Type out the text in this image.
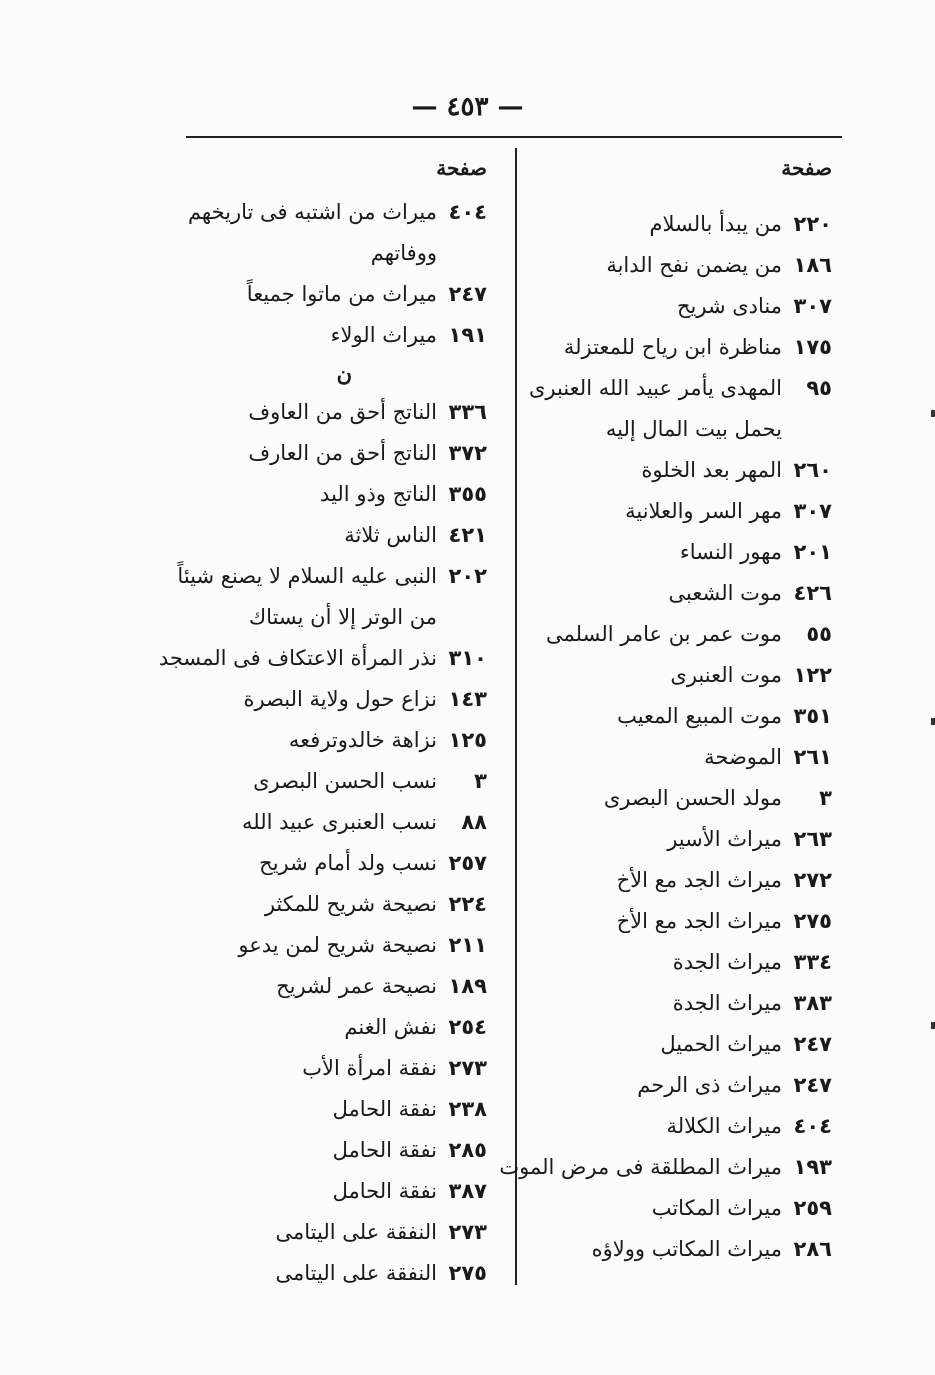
— ٤٥٣ —
صفحة
٢٢٠
من يبدأ بالسلام
١٨٦
من يضمن نفح الدابة
٣٠٧
منادى شريح
١٧٥
مناظرة ابن رياح للمعتزلة
٩٥
المهدى يأمر عبيد الله العنبرى
يحمل بيت المال إليه
٢٦٠
المهر بعد الخلوة
٣٠٧
مهر السر والعلانية
٢٠١
مهور النساء
٤٢٦
موت الشعبى
٥٥
موت عمر بن عامر السلمى
١٢٢
موت العنبرى
٣٥١
موت المبيع المعيب
٢٦١
الموضحة
٣
مولد الحسن البصرى
٢٦٣
ميراث الأسير
٢٧٢
ميراث الجد مع الأخ
٢٧٥
ميراث الجد مع الأخ
٣٣٤
ميراث الجدة
٣٨٣
ميراث الجدة
٢٤٧
ميراث الحميل
٢٤٧
ميراث ذى الرحم
٤٠٤
ميراث الكلالة
١٩٣
ميراث المطلقة فى مرض الموت
٢٥٩
ميراث المكاتب
٢٨٦
ميراث المكاتب وولاؤه
صفحة
٤٠٤
ميراث من اشتبه فى تاريخهم
ووفاتهم
٢٤٧
ميراث من ماتوا جميعاً
١٩١
ميراث الولاء
ن
٣٣٦
الناتج أحق من العاوف
٣٧٢
الناتج أحق من العارف
٣٥٥
الناتج وذو اليد
٤٢١
الناس ثلاثة
٢٠٢
النبى عليه السلام لا يصنع شيئاً
من الوتر إلا أن يستاك
٣١٠
نذر المرأة الاعتكاف فى المسجد
١٤٣
نزاع حول ولاية البصرة
١٢٥
نزاهة خالدوترفعه
٣
نسب الحسن البصرى
٨٨
نسب العنبرى عبيد الله
٢٥٧
نسب ولد أمام شريح
٢٢٤
نصيحة شريح للمكثر
٢١١
نصيحة شريح لمن يدعو
١٨٩
نصيحة عمر لشريح
٢٥٤
نفش الغنم
٢٧٣
نفقة امرأة الأب
٢٣٨
نفقة الحامل
٢٨٥
نفقة الحامل
٣٨٧
نفقة الحامل
٢٧٣
النفقة على اليتامى
٢٧٥
النفقة على اليتامى
